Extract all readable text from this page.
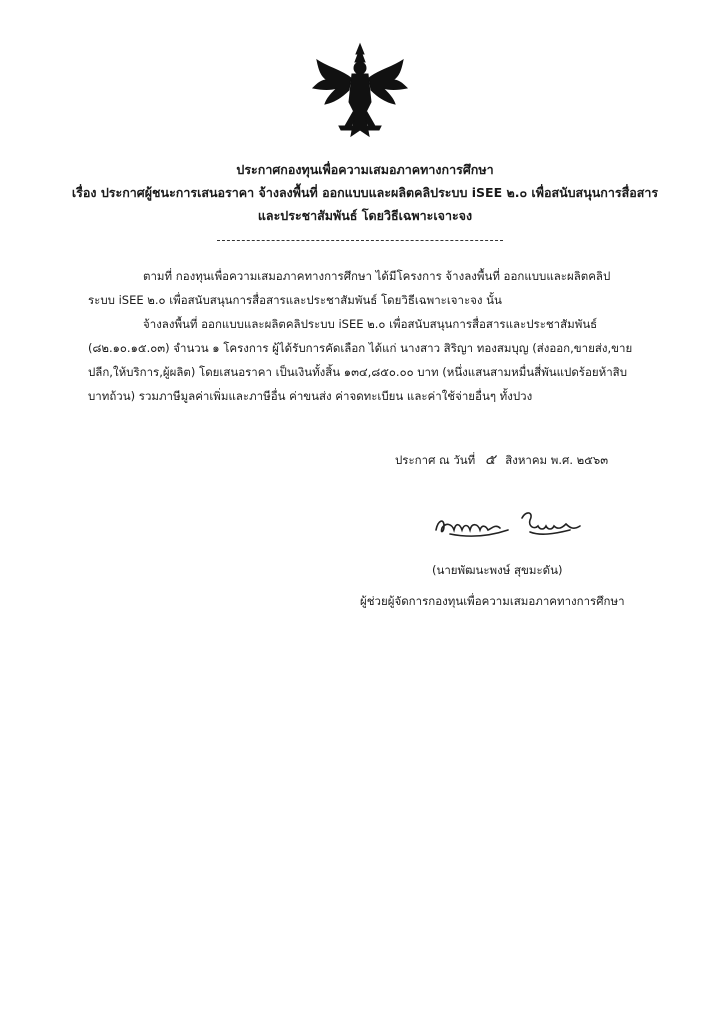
ประกาศกองทุนเพื่อความเสมอภาคทางการศึกษา
เรื่อง ประกาศผู้ชนะการเสนอราคา จ้างลงพื้นที่ ออกแบบและผลิตคลิประบบ iSEE ๒.๐ เพื่อสนับสนุนการสื่อสาร
และประชาสัมพันธ์ โดยวิธีเฉพาะเจาะจง
ตามที่ กองทุนเพื่อความเสมอภาคทางการศึกษา ได้มีโครงการ จ้างลงพื้นที่ ออกแบบและผลิตคลิป
ระบบ iSEE ๒.๐ เพื่อสนับสนุนการสื่อสารและประชาสัมพันธ์ โดยวิธีเฉพาะเจาะจง นั้น
จ้างลงพื้นที่ ออกแบบและผลิตคลิประบบ iSEE ๒.๐ เพื่อสนับสนุนการสื่อสารและประชาสัมพันธ์
(๘๒.๑๐.๑๕.๐๓) จำนวน ๑ โครงการ ผู้ได้รับการคัดเลือก ได้แก่ นางสาว สิริญา ทองสมบุญ (ส่งออก,ขายส่ง,ขาย
ปลีก,ให้บริการ,ผู้ผลิต) โดยเสนอราคา เป็นเงินทั้งสิ้น ๑๓๔,๘๕๐.๐๐ บาท (หนึ่งแสนสามหมื่นสี่พันแปดร้อยห้าสิบ
บาทถ้วน) รวมภาษีมูลค่าเพิ่มและภาษีอื่น ค่าขนส่ง ค่าจดทะเบียน และค่าใช้จ่ายอื่นๆ ทั้งปวง
ประกาศ ณ วันที่ ๕ สิงหาคม พ.ศ. ๒๕๖๓
(นายพัฒนะพงษ์ สุขมะดัน)
ผู้ช่วยผู้จัดการกองทุนเพื่อความเสมอภาคทางการศึกษา
